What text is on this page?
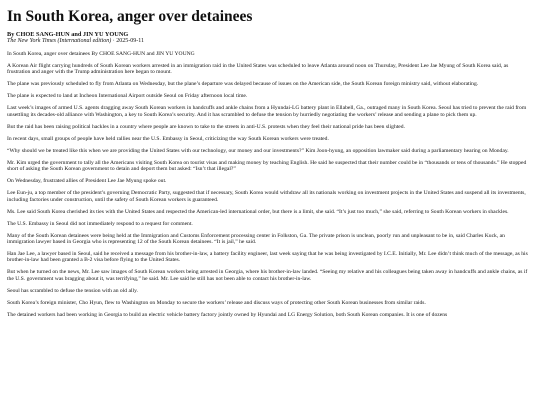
In South Korea, anger over detainees
By CHOE SANG-HUN and JIN YU YOUNG
The New York Times (International edition) · 2025-09-11

In South Korea, anger over detainees By CHOE SANG-HUN and JIN YU YOUNG

A Korean Air flight carrying hundreds of South Korean workers arrested in an immigration raid in the United States was scheduled to leave Atlanta around noon on Thursday, President Lee Jae Myung of South Korea said, as frustration and anger with the Trump administration here began to mount.

The plane was previously scheduled to fly from Atlanta on Wednesday, but the plane’s departure was delayed because of issues on the American side, the South Korean foreign ministry said, without elaborating.

The plane is expected to land at Incheon International Airport outside Seoul on Friday afternoon local time.

Last week’s images of armed U.S. agents dragging away South Korean workers in handcuffs and ankle chains from a Hyundai-LG battery plant in Ellabell, Ga., outraged many in South Korea. Seoul has tried to prevent the raid from unsettling its decades-old alliance with Washington, a key to South Korea’s security. And it has scrambled to defuse the tension by hurriedly negotiating the workers’ release and sending a plane to pick them up.

But the raid has been raising political hackles in a country where people are known to take to the streets in anti-U.S. protests when they feel their national pride has been slighted.

In recent days, small groups of people have held rallies near the U.S. Embassy in Seoul, criticizing the way South Korean workers were treated.

“Why should we be treated like this when we are providing the United States with our technology, our money and our investments?” Kim Joon-hyung, an opposition lawmaker said during a parliamentary hearing on Monday.

Mr. Kim urged the government to tally all the Americans visiting South Korea on tourist visas and making money by teaching English. He said he suspected that their number could be in “thousands or tens of thousands.” He stopped short of asking the South Korean government to detain and deport them but asked: “Isn’t that illegal?”

On Wednesday, frustrated allies of President Lee Jae Myung spoke out.

Lee Eun-ju, a top member of the president’s governing Democratic Party, suggested that if necessary, South Korea would withdraw all its nationals working on investment projects in the United States and suspend all its investments, including factories under construction, until the safety of South Korean workers is guaranteed.

Ms. Lee said South Korea cherished its ties with the United States and respected the American-led international order, but there is a limit, she said. “It’s just too much,” she said, referring to South Korean workers in shackles.

The U.S. Embassy in Seoul did not immediately respond to a request for comment.

Many of the South Korean detainees were being held at the Immigration and Customs Enforcement processing center in Folkston, Ga. The private prison is unclean, poorly run and unpleasant to be in, said Charles Kuck, an immigration lawyer based in Georgia who is representing 12 of the South Korean detainees. “It is jail,” he said.

Han Jae Lee, a lawyer based in Seoul, said he received a message from his brother-in-law, a battery facility engineer, last week saying that he was being investigated by I.C.E. Initially, Mr. Lee didn’t think much of the message, as his brother-in-law had been granted a B-2 visa before flying to the United States.

But when he turned on the news, Mr. Lee saw images of South Korean workers being arrested in Georgia, where his brother-in-law landed. “Seeing my relative and his colleagues being taken away in handcuffs and ankle chains, as if the U.S. government was bragging about it, was terrifying,” he said. Mr. Lee said he still has not been able to contact his brother-in-law.

Seoul has scrambled to defuse the tension with an old ally.

South Korea’s foreign minister, Cho Hyun, flew to Washington on Monday to secure the workers’ release and discuss ways of protecting other South Korean businesses from similar raids.

The detained workers had been working in Georgia to build an electric vehicle battery factory jointly owned by Hyundai and LG Energy Solution, both South Korean companies. It is one of dozens
